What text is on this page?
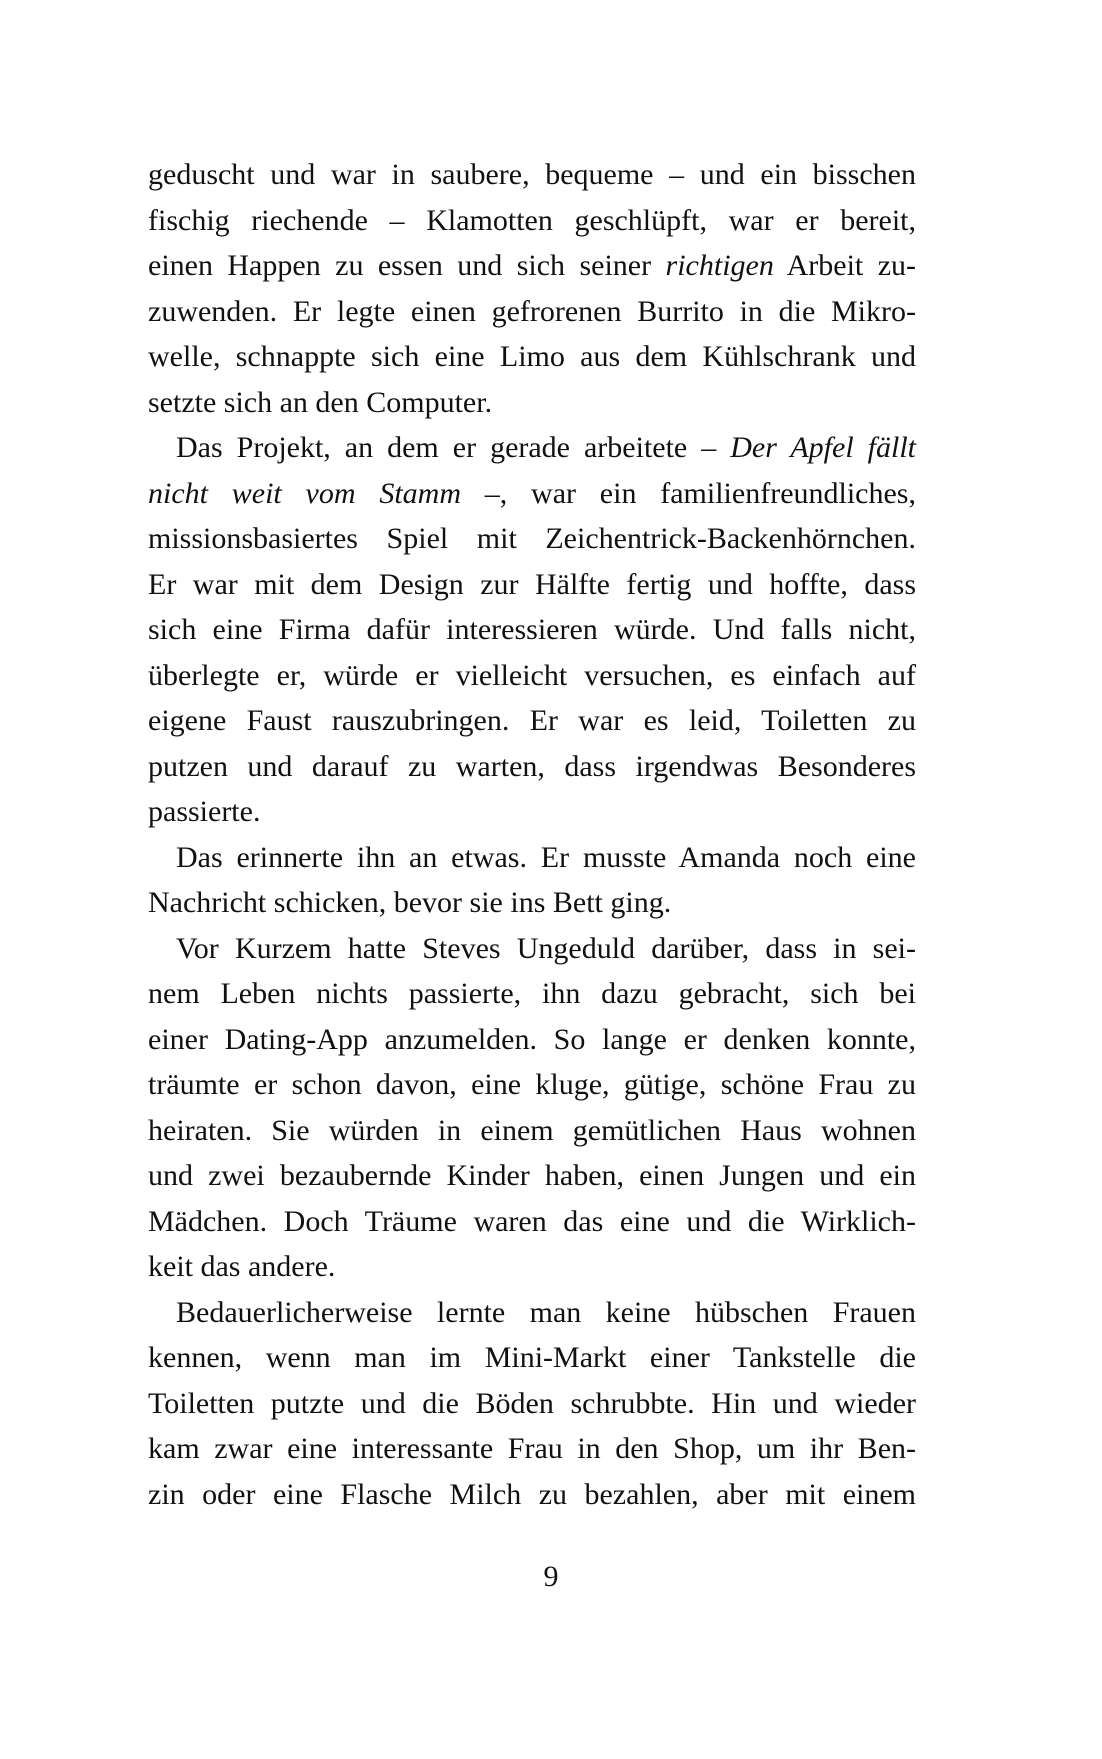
geduscht und war in saubere, bequeme – und ein bisschen
fischig riechende – Klamotten geschlüpft, war er bereit,
einen Happen zu essen und sich seiner richtigen Arbeit zu-
zuwenden. Er legte einen gefrorenen Burrito in die Mikro-
welle, schnappte sich eine Limo aus dem Kühlschrank und
setzte sich an den Computer.
Das Projekt, an dem er gerade arbeitete – Der Apfel fällt
nicht weit vom Stamm –, war ein familienfreundliches,
missionsbasiertes Spiel mit Zeichentrick-Backenhörnchen.
Er war mit dem Design zur Hälfte fertig und hoffte, dass
sich eine Firma dafür interessieren würde. Und falls nicht,
überlegte er, würde er vielleicht versuchen, es einfach auf
eigene Faust rauszubringen. Er war es leid, Toiletten zu
putzen und darauf zu warten, dass irgendwas Besonderes
passierte.
Das erinnerte ihn an etwas. Er musste Amanda noch eine
Nachricht schicken, bevor sie ins Bett ging.
Vor Kurzem hatte Steves Ungeduld darüber, dass in sei-
nem Leben nichts passierte, ihn dazu gebracht, sich bei
einer Dating-App anzumelden. So lange er denken konnte,
träumte er schon davon, eine kluge, gütige, schöne Frau zu
heiraten. Sie würden in einem gemütlichen Haus wohnen
und zwei bezaubernde Kinder haben, einen Jungen und ein
Mädchen. Doch Träume waren das eine und die Wirklich-
keit das andere.
Bedauerlicherweise lernte man keine hübschen Frauen
kennen, wenn man im Mini-Markt einer Tankstelle die
Toiletten putzte und die Böden schrubbte. Hin und wieder
kam zwar eine interessante Frau in den Shop, um ihr Ben-
zin oder eine Flasche Milch zu bezahlen, aber mit einem
9
